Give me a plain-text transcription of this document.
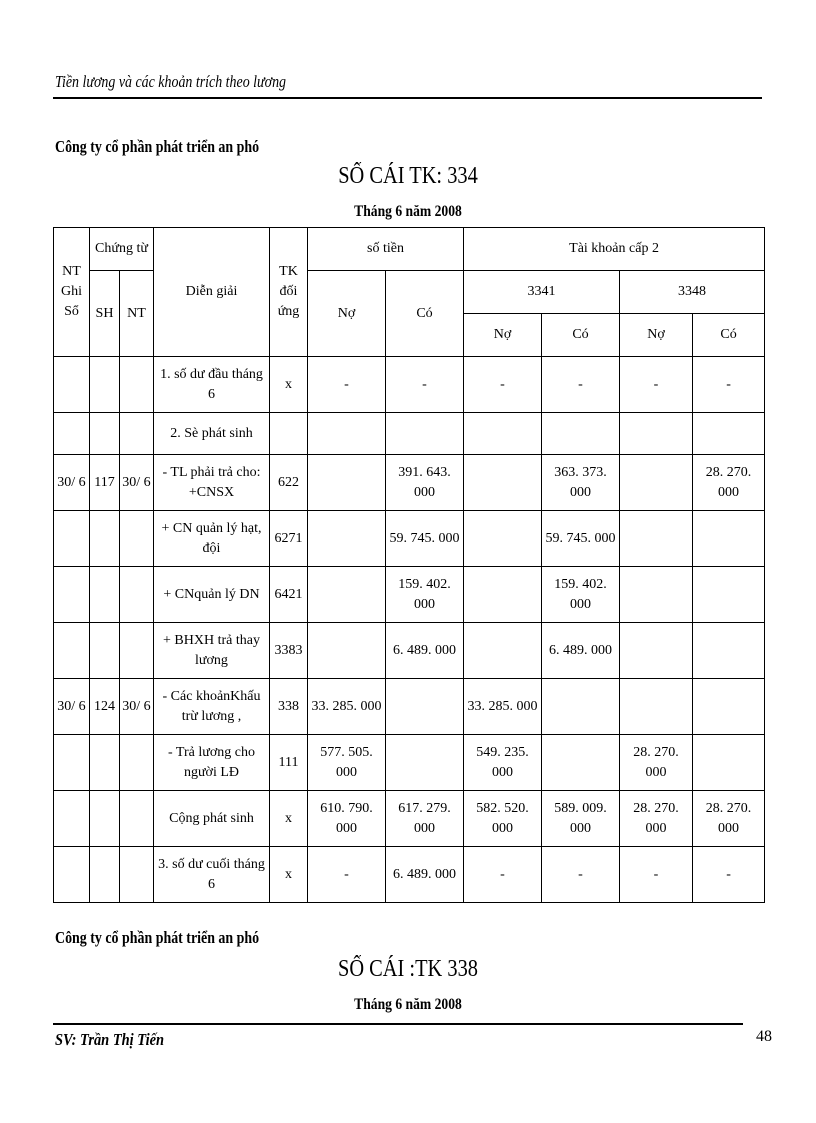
Tiền lương và các khoản trích theo lương
Công ty cổ phần phát triển an phó
SỔ CÁI TK: 334
Tháng 6 năm 2008
NT Ghi Sổ	Chứng từ		Diễn giải	TK đối ứng	số tiền		Tài khoản cấp 2			
	SH	NT			Nợ	Có	3341		3348	
							Nợ	Có	Nợ	Có
			1. số dư đầu tháng 6	x	-	-	-	-	-	-
			2. Sè phát sinh							
30/ 6	117	30/ 6	- TL phải trả cho: +CNSX	622		391. 643. 000		363. 373. 000		28. 270. 000
			+ CN quản lý hạt, đội	6271		59. 745. 000		59. 745. 000		
			+ CNquản lý DN	6421		159. 402. 000		159. 402. 000		
			+ BHXH trả thay lương	3383		6. 489. 000		6. 489. 000		
30/ 6	124	30/ 6	- Các khoảnKhấu trừ lương ,	338	33. 285. 000		33. 285. 000			
			- Trả lương cho người LĐ	111	577. 505. 000		549. 235. 000		28. 270. 000	
			Cộng phát sinh	x	610. 790. 000	617. 279. 000	582. 520. 000	589. 009. 000	28. 270. 000	28. 270. 000
			3. số dư cuối tháng 6	x	-	6. 489. 000	-	-	-	-
Công ty cổ phần phát triển an phó
SỔ CÁI :TK 338
Tháng 6 năm 2008
SV: Trần Thị Tiến	48
